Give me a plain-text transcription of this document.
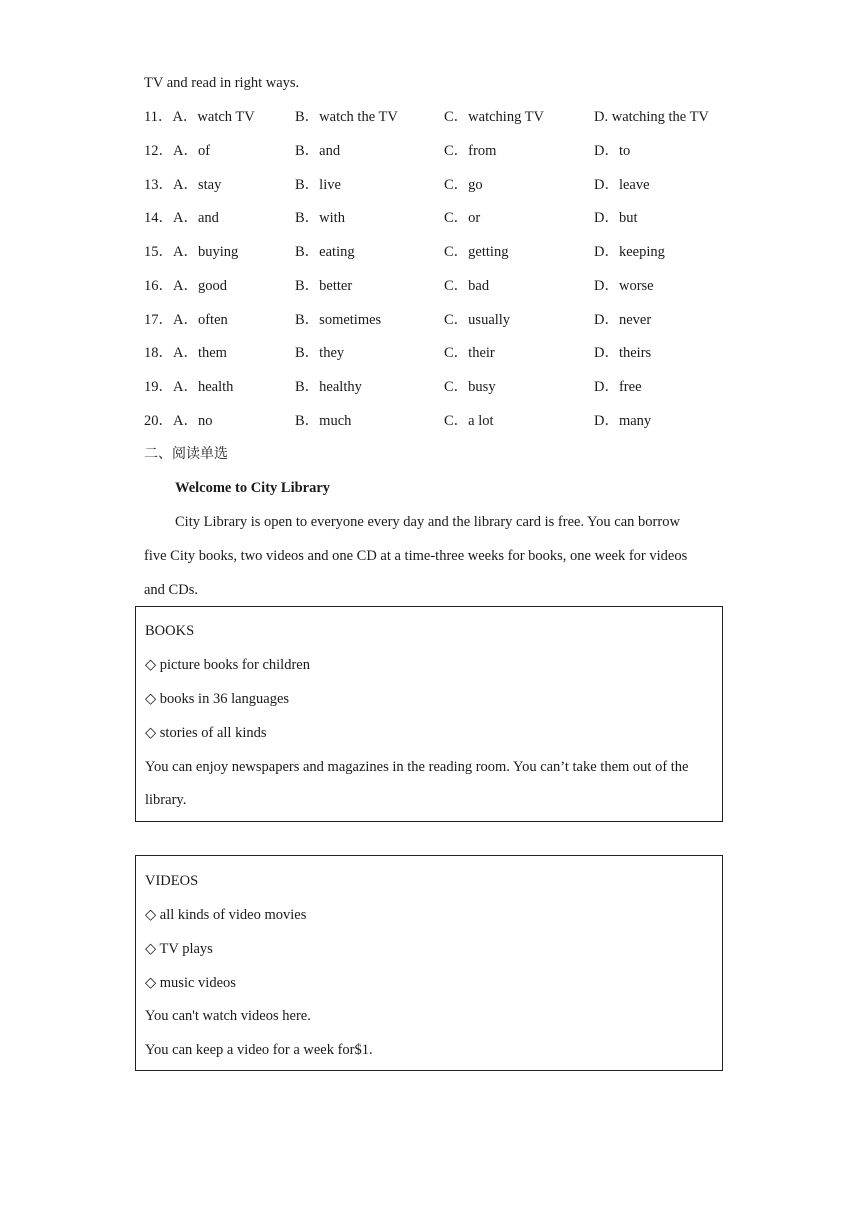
TV and read in right ways.
11．A．watch TV	B．watch the TV	C．watching TV	D. watching the TV
12．A．of	B．and	C．from	D．to
13．A．stay	B．live	C．go	D．leave
14．A．and	B．with	C．or	D．but
15．A．buying	B．eating	C．getting	D．keeping
16．A．good	B．better	C．bad	D．worse
17．A．often	B．sometimes	C．usually	D．never
18．A．them	B．they	C．their	D．theirs
19．A．health	B．healthy	C．busy	D．free
20．A．no	B．much	C．a lot	D．many
二、阅读单选
Welcome to City Library
City Library is open to everyone every day and the library card is free. You can borrow
five City books, two videos and one CD at a time-three weeks for books, one week for videos
and CDs.
BOOKS
◇ picture books for children
◇ books in 36 languages
◇ stories of all kinds
You can enjoy newspapers and magazines in the reading room. You can’t take them out of the
library.
VIDEOS
◇ all kinds of video movies
◇ TV plays
◇ music videos
You can't watch videos here.
You can keep a video for a week for$1.
